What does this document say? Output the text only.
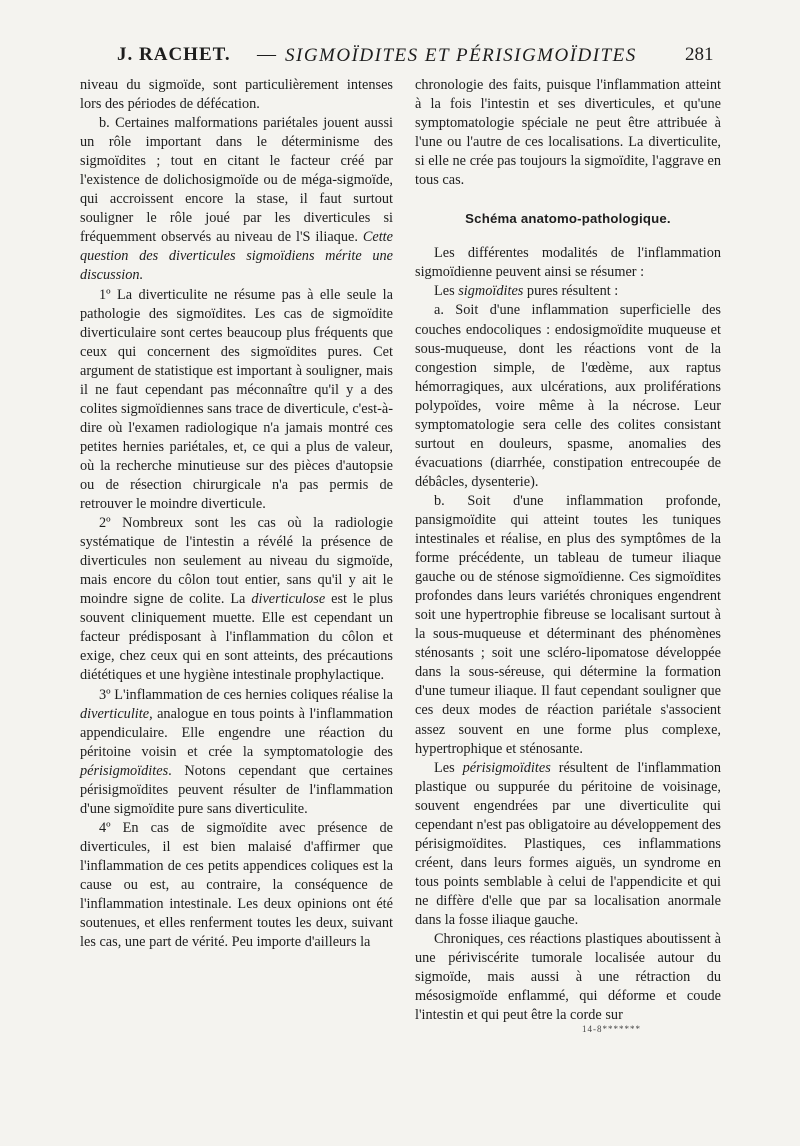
J. RACHET. — SIGMOÏDITES ET PÉRISIGMOÏDITES	281

niveau du sigmoïde, sont particulièrement intenses lors des périodes de défécation.

b. Certaines malformations pariétales jouent aussi un rôle important dans le déterminisme des sigmoïdites ; tout en citant le facteur créé par l'existence de dolichosigmoïde ou de méga-sigmoïde, qui accroissent encore la stase, il faut surtout souligner le rôle joué par les diverticules si fréquemment observés au niveau de l'S iliaque. Cette question des diverticules sigmoïdiens mérite une discussion.

1º La diverticulite ne résume pas à elle seule la pathologie des sigmoïdites. Les cas de sigmoïdite diverticulaire sont certes beaucoup plus fréquents que ceux qui concernent des sigmoïdites pures. Cet argument de statistique est important à souligner, mais il ne faut cependant pas méconnaître qu'il y a des colites sigmoïdiennes sans trace de diverticule, c'est-à-dire où l'examen radiologique n'a jamais montré ces petites hernies pariétales, et, ce qui a plus de valeur, où la recherche minutieuse sur des pièces d'autopsie ou de résection chirurgicale n'a pas permis de retrouver le moindre diverticule.

2º Nombreux sont les cas où la radiologie systématique de l'intestin a révélé la présence de diverticules non seulement au niveau du sigmoïde, mais encore du côlon tout entier, sans qu'il y ait le moindre signe de colite. La diverticulose est le plus souvent cliniquement muette. Elle est cependant un facteur prédisposant à l'inflammation du côlon et exige, chez ceux qui en sont atteints, des précautions diététiques et une hygiène intestinale prophylactique.

3º L'inflammation de ces hernies coliques réalise la diverticulite, analogue en tous points à l'inflammation appendiculaire. Elle engendre une réaction du péritoine voisin et crée la symptomatologie des périsigmoïdites. Notons cependant que certaines périsigmoïdites peuvent résulter de l'inflammation d'une sigmoïdite pure sans diverticulite.

4º En cas de sigmoïdite avec présence de diverticules, il est bien malaisé d'affirmer que l'inflammation de ces petits appendices coliques est la cause ou est, au contraire, la conséquence de l'inflammation intestinale. Les deux opinions ont été soutenues, et elles renferment toutes les deux, suivant les cas, une part de vérité. Peu importe d'ailleurs la

chronologie des faits, puisque l'inflammation atteint à la fois l'intestin et ses diverticules, et qu'une symptomatologie spéciale ne peut être attribuée à l'une ou l'autre de ces localisations. La diverticulite, si elle ne crée pas toujours la sigmoïdite, l'aggrave en tous cas.

Schéma anatomo-pathologique.

Les différentes modalités de l'inflammation sigmoïdienne peuvent ainsi se résumer :

Les sigmoïdites pures résultent :

a. Soit d'une inflammation superficielle des couches endocoliques : endosigmoïdite muqueuse et sous-muqueuse, dont les réactions vont de la congestion simple, de l'œdème, aux raptus hémorragiques, aux ulcérations, aux proliférations polypoïdes, voire même à la nécrose. Leur symptomatologie sera celle des colites consistant surtout en douleurs, spasme, anomalies des évacuations (diarrhée, constipation entrecoupée de débâcles, dysenterie).

b. Soit d'une inflammation profonde, pansigmoïdite qui atteint toutes les tuniques intestinales et réalise, en plus des symptômes de la forme précédente, un tableau de tumeur iliaque gauche ou de sténose sigmoïdienne. Ces sigmoïdites profondes dans leurs variétés chroniques engendrent soit une hypertrophie fibreuse se localisant surtout à la sous-muqueuse et déterminant des phénomènes sténosants ; soit une scléro-lipomatose développée dans la sous-séreuse, qui détermine la formation d'une tumeur iliaque. Il faut cependant souligner que ces deux modes de réaction pariétale s'associent assez souvent en une forme plus complexe, hypertrophique et sténosante.

Les périsigmoïdites résultent de l'inflammation plastique ou suppurée du péritoine de voisinage, souvent engendrées par une diverticulite qui cependant n'est pas obligatoire au développement des périsigmoïdites. Plastiques, ces inflammations créent, dans leurs formes aiguës, un syndrome en tous points semblable à celui de l'appendicite et qui ne diffère d'elle que par sa localisation anormale dans la fosse iliaque gauche.

Chroniques, ces réactions plastiques aboutissent à une périviscérite tumorale localisée autour du sigmoïde, mais aussi à une rétraction du mésosigmoïde enflammé, qui déforme et coude l'intestin et qui peut être la corde sur

14-8*******
